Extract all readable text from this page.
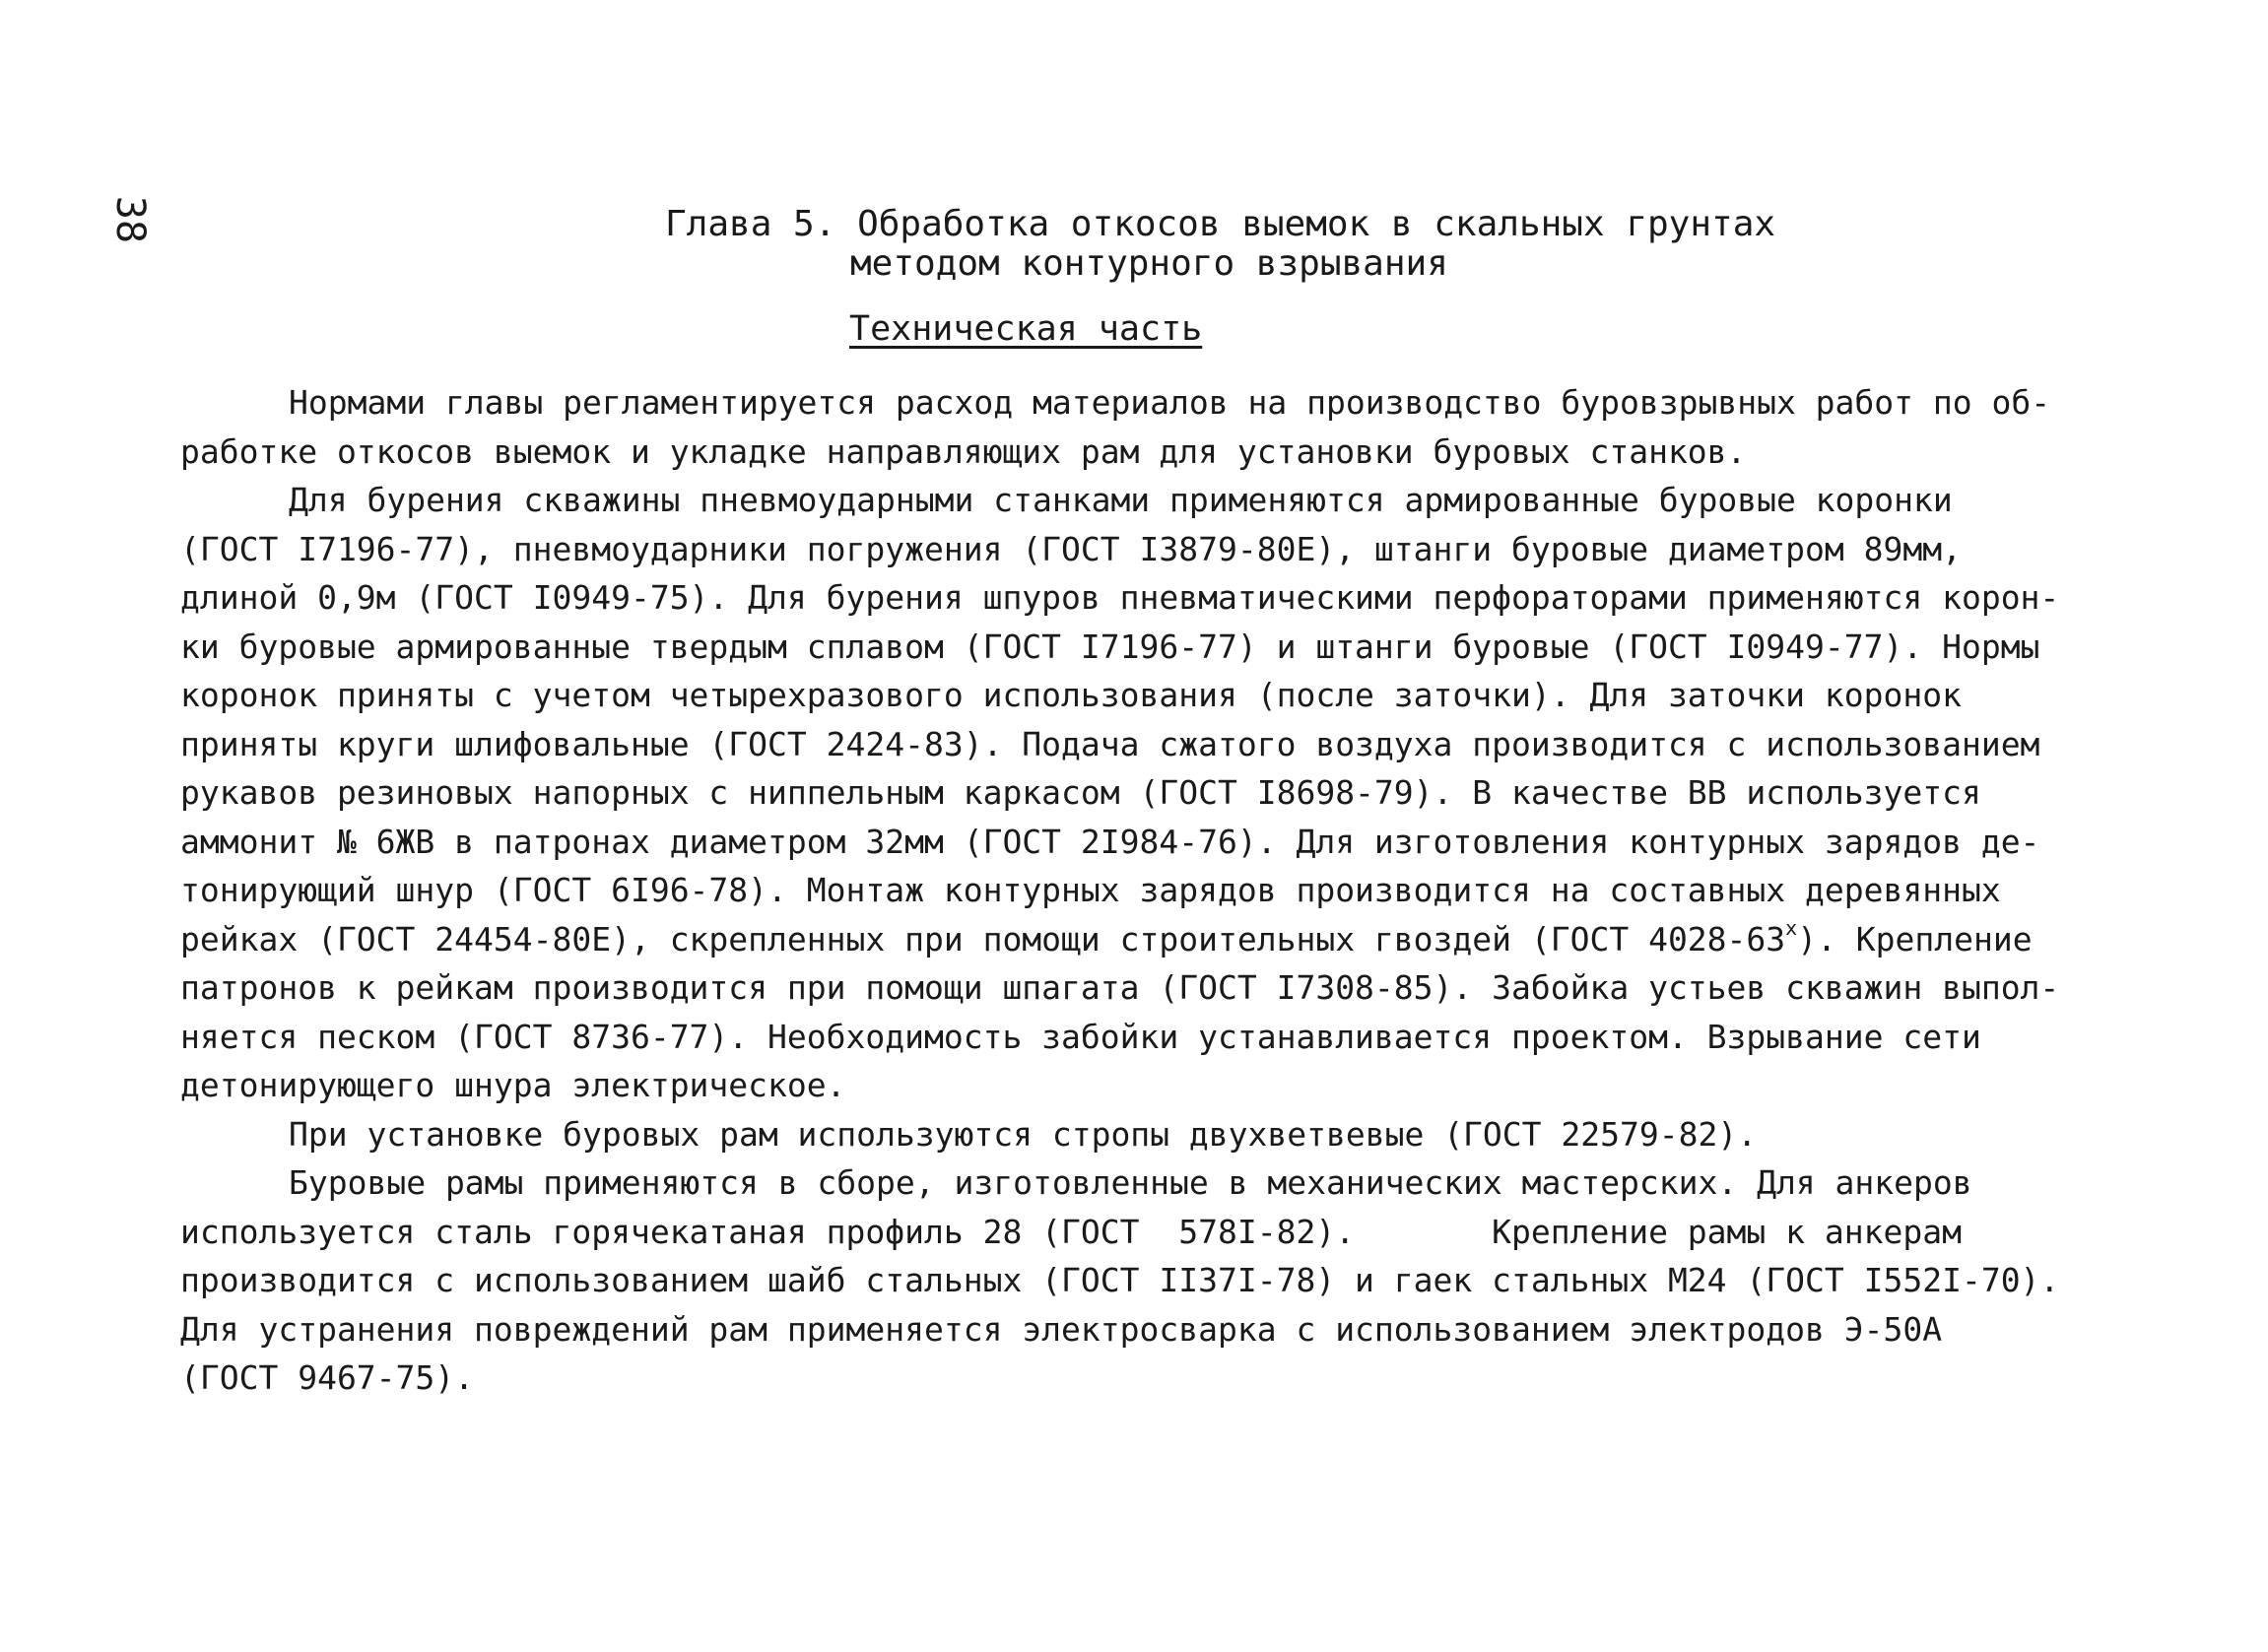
38	Глава 5. Обработка откосов выемок в скальных грунтах
методом контурного взрывания
Техническая часть
Нормами главы регламентируется расход материалов на производство буровзрывных работ по об-
работке откосов выемок и укладке направляющих рам для установки буровых станков.
Для бурения скважины пневмоударными станками применяются армированные буровые коронки
(ГОСТ I7196-77), пневмоударники погружения (ГОСТ I3879-80Е), штанги буровые диаметром 89мм,
длиной 0,9м (ГОСТ I0949-75). Для бурения шпуров пневматическими перфораторами применяются корон-
ки буровые армированные твердым сплавом (ГОСТ I7196-77) и штанги буровые (ГОСТ I0949-77). Нормы
коронок приняты с учетом четырехразового использования (после заточки). Для заточки коронок
приняты круги шлифовальные (ГОСТ 2424-83). Подача сжатого воздуха производится с использованием
рукавов резиновых напорных с ниппельным каркасом (ГОСТ I8698-79). В качестве ВВ используется
аммонит № 6ЖВ в патронах диаметром 32мм (ГОСТ 2I984-76). Для изготовления контурных зарядов де-
тонирующий шнур (ГОСТ 6I96-78). Монтаж контурных зарядов производится на составных деревянных
рейках (ГОСТ 24454-80Е), скрепленных при помощи строительных гвоздей (ГОСТ $4028-63^х$). Крепление
патронов к рейкам производится при помощи шпагата (ГОСТ I7308-85). Забойка устьев скважин выпол-
няется песком (ГОСТ 8736-77). Необходимость забойки устанавливается проектом. Взрывание сети
детонирующего шнура электрическое.
При установке буровых рам используются стропы двухветвевые (ГОСТ 22579-82).
Буровые рамы применяются в сборе, изготовленные в механических мастерских. Для анкеров
используется сталь горячекатаная профиль 28 (ГОСТ  578I-82).       Крепление рамы к анкерам
производится с использованием шайб стальных (ГОСТ II37I-78) и гаек стальных М24 (ГОСТ I552I-70).
Для устранения повреждений рам применяется электросварка с использованием электродов Э-50А
(ГОСТ 9467-75).
